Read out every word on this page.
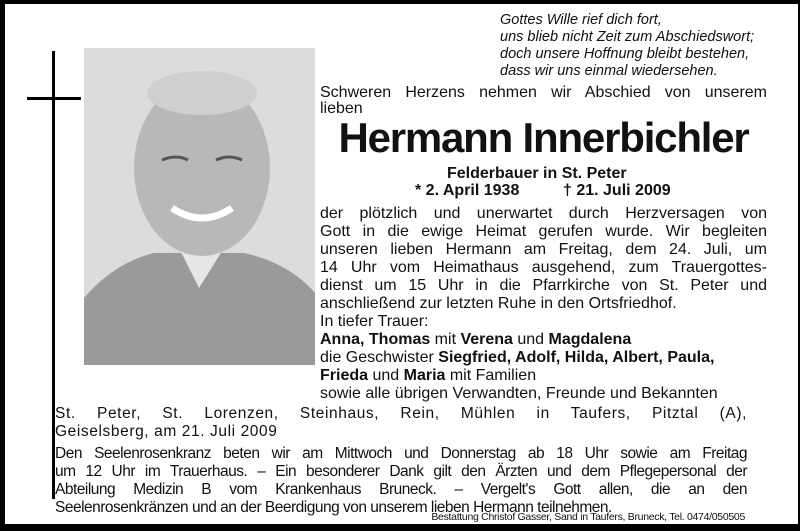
Gottes Wille rief dich fort,
uns blieb nicht Zeit zum Abschiedswort;
doch unsere Hoffnung bleibt bestehen,
dass wir uns einmal wiedersehen.
Schweren Herzens nehmen wir Abschied von unserem
lieben
Hermann Innerbichler
Felderbauer in St. Peter
* 2. April 1938	† 21. Juli 2009
der plötzlich und unerwartet durch Herzversagen von
Gott in die ewige Heimat gerufen wurde. Wir begleiten
unseren lieben Hermann am Freitag, dem 24. Juli, um
14 Uhr vom Heimathaus ausgehend, zum Trauergottes-
dienst um 15 Uhr in die Pfarrkirche von St. Peter und
anschließend zur letzten Ruhe in den Ortsfriedhof.
In tiefer Trauer:
Anna, Thomas mit Verena und Magdalena
die Geschwister Siegfried, Adolf, Hilda, Albert, Paula,
Frieda und Maria mit Familien
sowie alle übrigen Verwandten, Freunde und Bekannten
St. Peter, St. Lorenzen, Steinhaus, Rein, Mühlen in Taufers, Pitztal (A),
Geiselsberg, am 21. Juli 2009
Den Seelenrosenkranz beten wir am Mittwoch und Donnerstag ab 18 Uhr sowie am Freitag
um 12 Uhr im Trauerhaus. – Ein besonderer Dank gilt den Ärzten und dem Pflegepersonal der
Abteilung Medizin B vom Krankenhaus Bruneck. – Vergelt's Gott allen, die an den
Seelenrosenkränzen und an der Beerdigung von unserem lieben Hermann teilnehmen.
Bestattung Christof Gasser, Sand in Taufers, Bruneck, Tel. 0474/050505
